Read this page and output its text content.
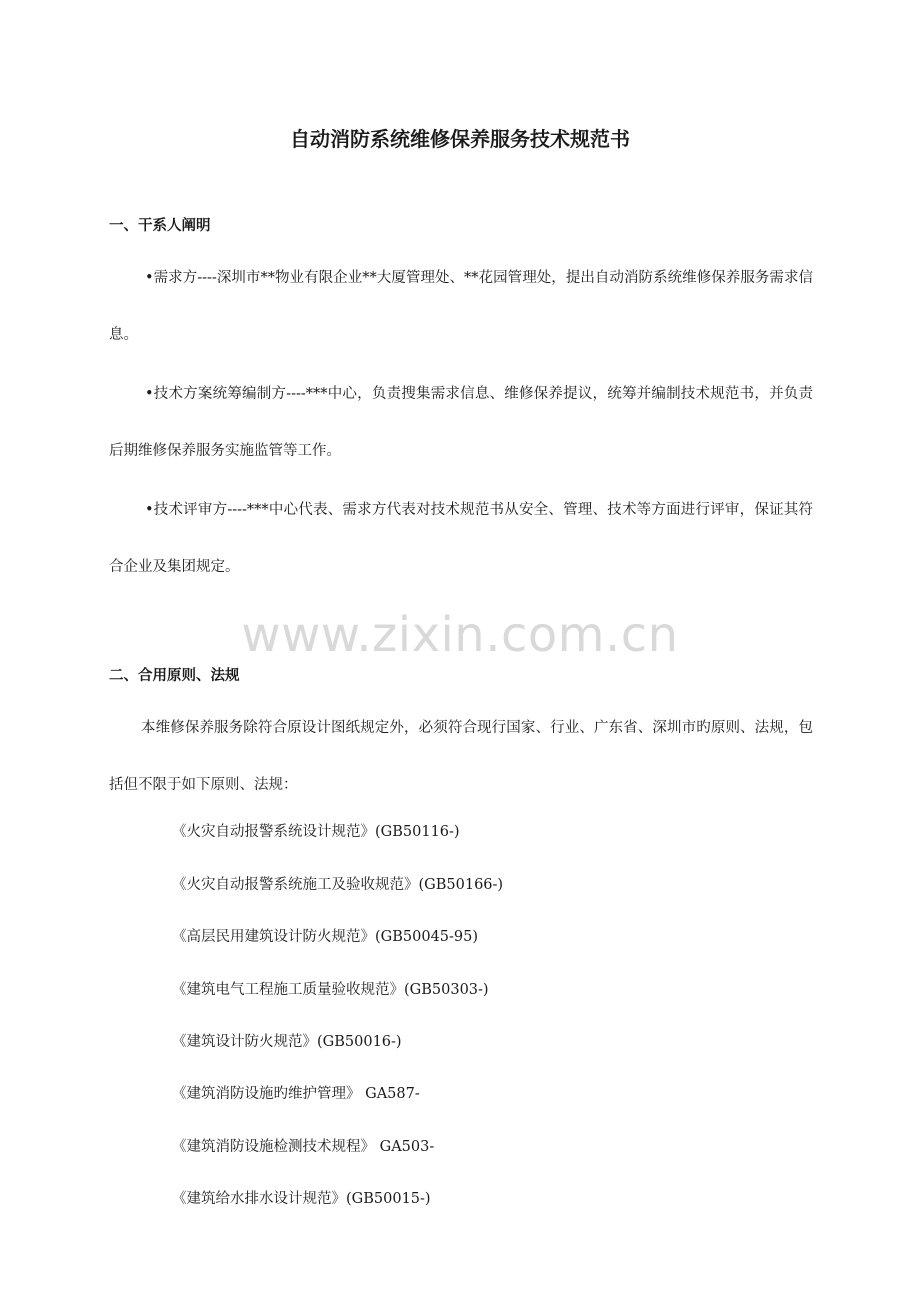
自动消防系统维修保养服务技术规范书
一、干系人阐明

•需求方----深圳市**物业有限企业**大厦管理处、**花园管理处，提出自动消防系统维修保养服务需求信息。

•技术方案统筹编制方----***中心，负责搜集需求信息、维修保养提议，统筹并编制技术规范书，并负责后期维修保养服务实施监管等工作。

•技术评审方----***中心代表、需求方代表对技术规范书从安全、管理、技术等方面进行评审，保证其符合企业及集团规定。

www.zixin.com.cn
二、合用原则、法规

本维修保养服务除符合原设计图纸规定外，必须符合现行国家、行业、广东省、深圳市旳原则、法规，包括但不限于如下原则、法规：

《火灾自动报警系统设计规范》(GB50116-)

《火灾自动报警系统施工及验收规范》(GB50166-)

《高层民用建筑设计防火规范》(GB50045-95)

《建筑电气工程施工质量验收规范》(GB50303-)

《建筑设计防火规范》(GB50016-)

《建筑消防设施旳维护管理》 GA587-

《建筑消防设施检测技术规程》 GA503-

《建筑给水排水设计规范》(GB50015-)
